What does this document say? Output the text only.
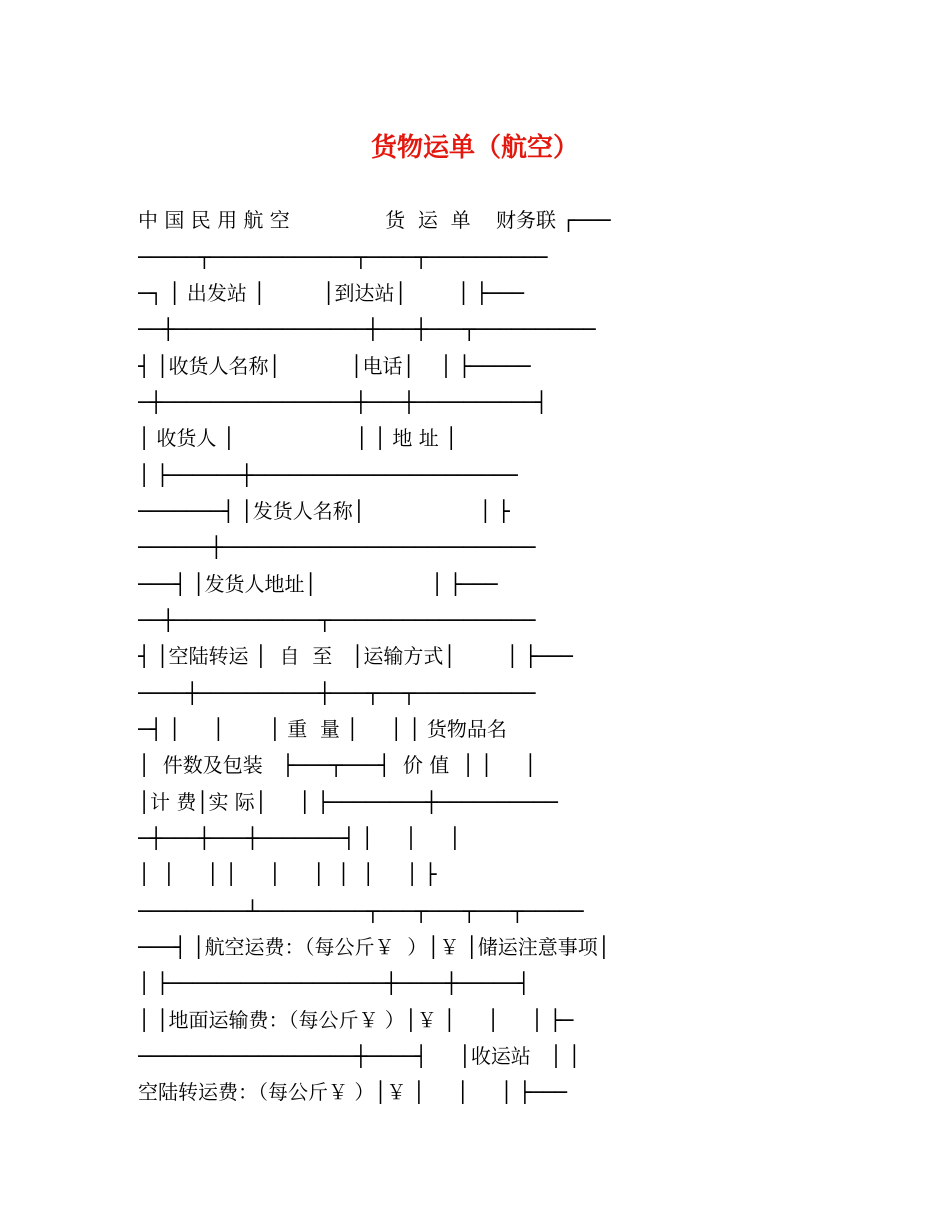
货物运单（航空）
中 国 民 用 航 空               货  运  单    财务联 ┌───
─────┬────────────┬────┬──────────
─┐ │ 出发站 │         │到达站│        │ ├───
──┼────────────────┼───┼───┬──────────
┤ │收货人名称│           │电话│    │ ├─────
─┼────────────────┼───┼──────────┤
│ 收货人 │                   │ │ 地 址 │
│ ├──────┼──────────────────────
───────┤ │发货人名称│                  │ ├
──────┼──────────────────────────
───┤ │发货人地址│                  │ ├───
──┼────────────┬─────────────────
┤ │空陆转运 │  自  至   │运输方式│        │ ├───
────┼──────────┼───┬──┬──────────
─┤ │     │       │ 重  量 │     │ │ 货物品名
│  件数及包装   ├───┬───┤  价 值  │ │     │
│计 费│实 际│     │ ├────────┼──────────
─┼───┼───┼───────┤ │     │     │
│  │     │ │     │     │  │  │     │ ├
─────────┴─────────┬───┬───┬───┬─────
───┤ │航空运费：（每公斤￥  ）│￥ │储运注意事项│
│ ├──────────────────┼────┼─────┤
│ │地面运输费：（每公斤￥ ）│￥ │     │     │ ├─
──────────────────┼────┤     │收运站   │ │
空陆转运费：（每公斤￥ ）│￥ │     │     │ ├───
